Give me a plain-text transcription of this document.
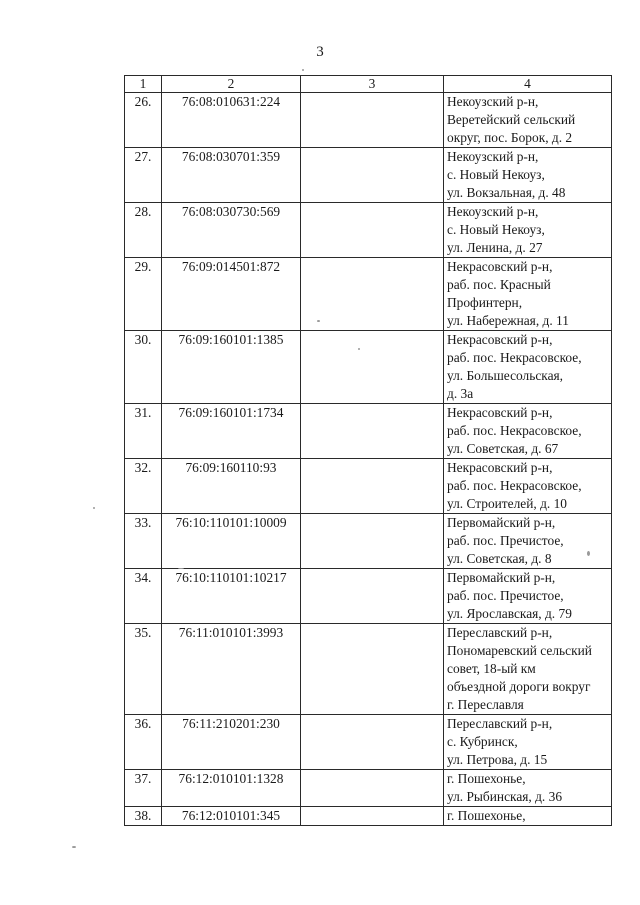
3
1	2	3	4
26.	76:08:010631:224		Некоузский р-н,
Веретейский сельский
округ, пос. Борок, д. 2

27.	76:08:030701:359		Некоузский р-н,
с. Новый Некоуз,
ул. Вокзальная, д. 48

28.	76:08:030730:569		Некоузский р-н,
с. Новый Некоуз,
ул. Ленина, д. 27

29.	76:09:014501:872		Некрасовский р-н,
раб. пос. Красный
Профинтерн,
ул. Набережная, д. 11

30.	76:09:160101:1385		Некрасовский р-н,
раб. пос. Некрасовское,
ул. Большесольская,
д. 3а

31.	76:09:160101:1734		Некрасовский р-н,
раб. пос. Некрасовское,
ул. Советская, д. 67

32.	76:09:160110:93		Некрасовский р-н,
раб. пос. Некрасовское,
ул. Строителей, д. 10

33.	76:10:110101:10009		Первомайский р-н,
раб. пос. Пречистое,
ул. Советская, д. 8

34.	76:10:110101:10217		Первомайский р-н,
раб. пос. Пречистое,
ул. Ярославская, д. 79

35.	76:11:010101:3993		Переславский р-н,
Пономаревский сельский
совет, 18-ый км
объездной дороги вокруг
г. Переславля

36.	76:11:210201:230		Переславский р-н,
с. Кубринск,
ул. Петрова, д. 15

37.	76:12:010101:1328		г. Пошехонье,
ул. Рыбинская, д. 36

38.	76:12:010101:345		г. Пошехонье,
